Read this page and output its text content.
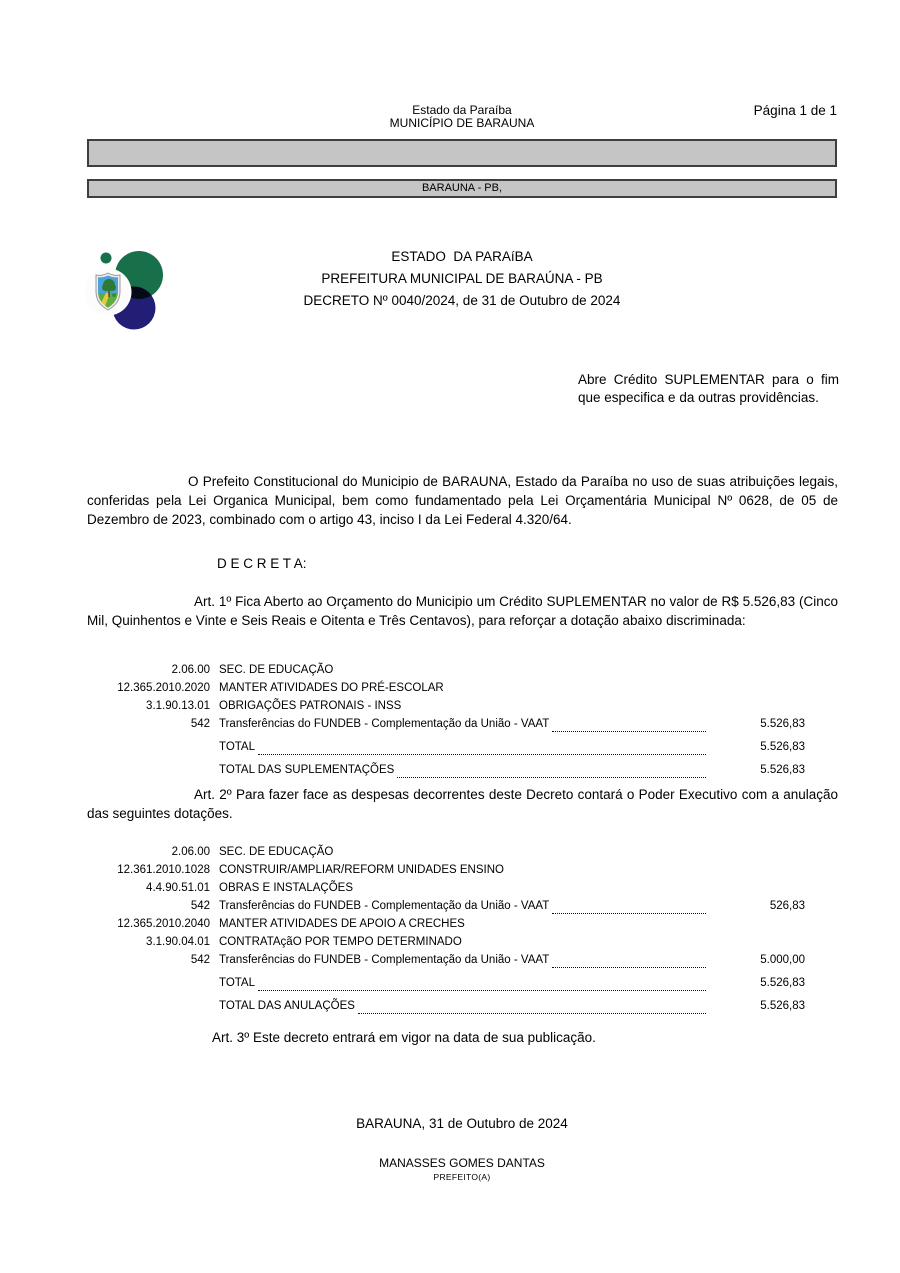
Estado da Paraíba
MUNICÍPIO DE BARAUNA
Página 1 de 1
BARAUNA - PB,
ESTADO  DA PARAíBA
PREFEITURA MUNICIPAL DE BARAÚNA - PB
DECRETO Nº 0040/2024, de 31 de Outubro de 2024
Abre Crédito SUPLEMENTAR para o fim que especifica e da outras providências.
O Prefeito Constitucional do Municipio de BARAUNA, Estado da Paraíba no uso de suas atribuições legais, conferidas pela Lei Organica Municipal, bem como fundamentado pela Lei Orçamentária Municipal Nº 0628, de 05 de Dezembro de 2023, combinado com o artigo 43, inciso I da Lei Federal 4.320/64.
D E C R E T A:
Art. 1º Fica Aberto ao Orçamento do Municipio um Crédito SUPLEMENTAR no valor de R$ 5.526,83 (Cinco Mil, Quinhentos e Vinte e Seis Reais e Oitenta e Três Centavos), para reforçar a dotação abaixo discriminada:
2.06.00 SEC. DE EDUCAÇÃO
12.365.2010.2020 MANTER ATIVIDADES DO PRÉ-ESCOLAR
3.1.90.13.01 OBRIGAÇÕES PATRONAIS - INSS
542 Transferências do FUNDEB - Complementação da União - VAAT	5.526,83
TOTAL	5.526,83
TOTAL DAS SUPLEMENTAÇÕES	5.526,83
Art. 2º Para fazer face as despesas decorrentes deste Decreto contará o Poder Executivo com a anulação das seguintes dotações.
2.06.00 SEC. DE EDUCAÇÃO
12.361.2010.1028 CONSTRUIR/AMPLIAR/REFORM UNIDADES ENSINO
4.4.90.51.01 OBRAS E INSTALAÇÕES
542 Transferências do FUNDEB - Complementação da União - VAAT	526,83
12.365.2010.2040 MANTER ATIVIDADES DE APOIO A CRECHES
3.1.90.04.01 CONTRATAçãO POR TEMPO DETERMINADO
542 Transferências do FUNDEB - Complementação da União - VAAT	5.000,00
TOTAL	5.526,83
TOTAL DAS ANULAÇÕES	5.526,83
Art. 3º Este decreto entrará em vigor na data de sua publicação.
BARAUNA, 31 de Outubro de 2024
MANASSES GOMES DANTAS
PREFEITO(A)
